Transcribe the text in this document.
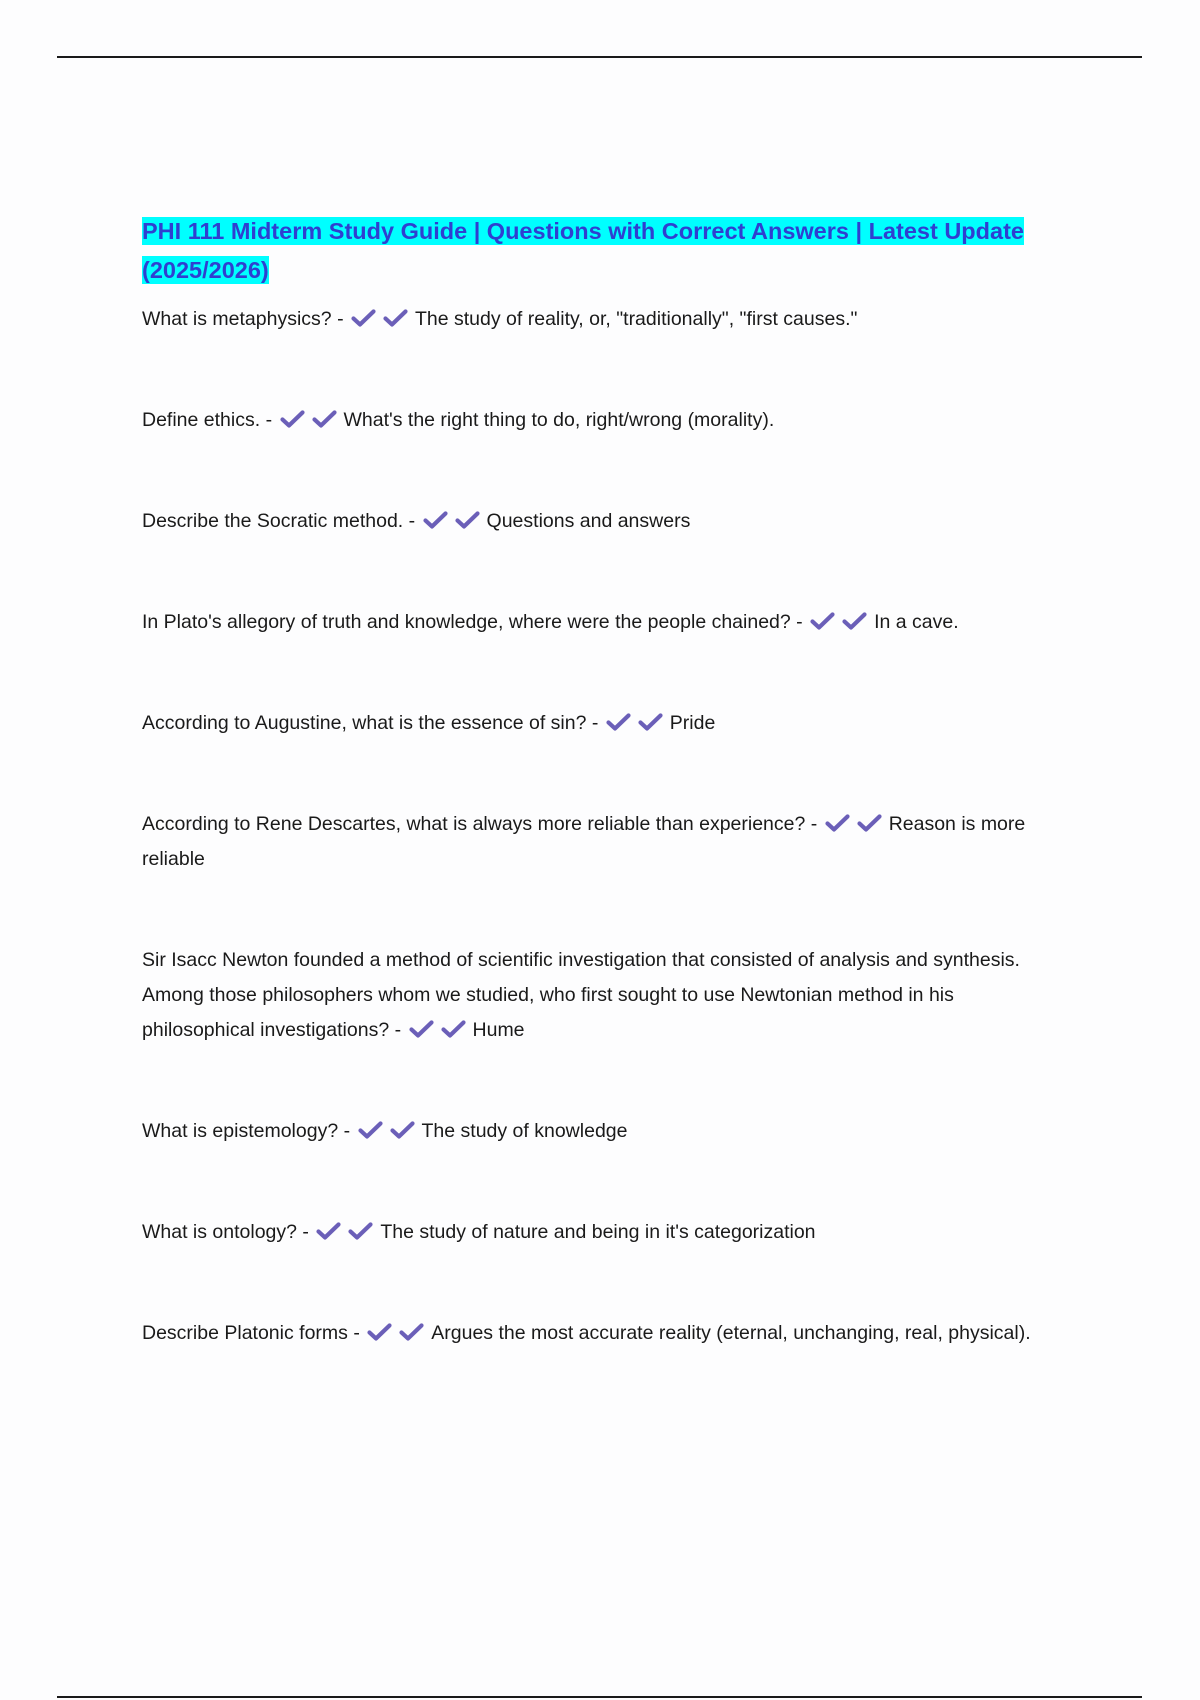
PHI 111 Midterm Study Guide | Questions with Correct Answers | Latest Update (2025/2026)
What is metaphysics? -	The study of reality, or, "traditionally", "first causes."
Define ethics. -	What's the right thing to do, right/wrong (morality).
Describe the Socratic method. -	Questions and answers
In Plato's allegory of truth and knowledge, where were the people chained? -	In a cave.
According to Augustine, what is the essence of sin? -	Pride
According to Rene Descartes, what is always more reliable than experience? -	Reason is more reliable
Sir Isacc Newton founded a method of scientific investigation that consisted of analysis and synthesis. Among those philosophers whom we studied, who first sought to use Newtonian method in his philosophical investigations? -	Hume
What is epistemology? -	The study of knowledge
What is ontology? -	The study of nature and being in it's categorization
Describe Platonic forms -	Argues the most accurate reality (eternal, unchanging, real, physical).
